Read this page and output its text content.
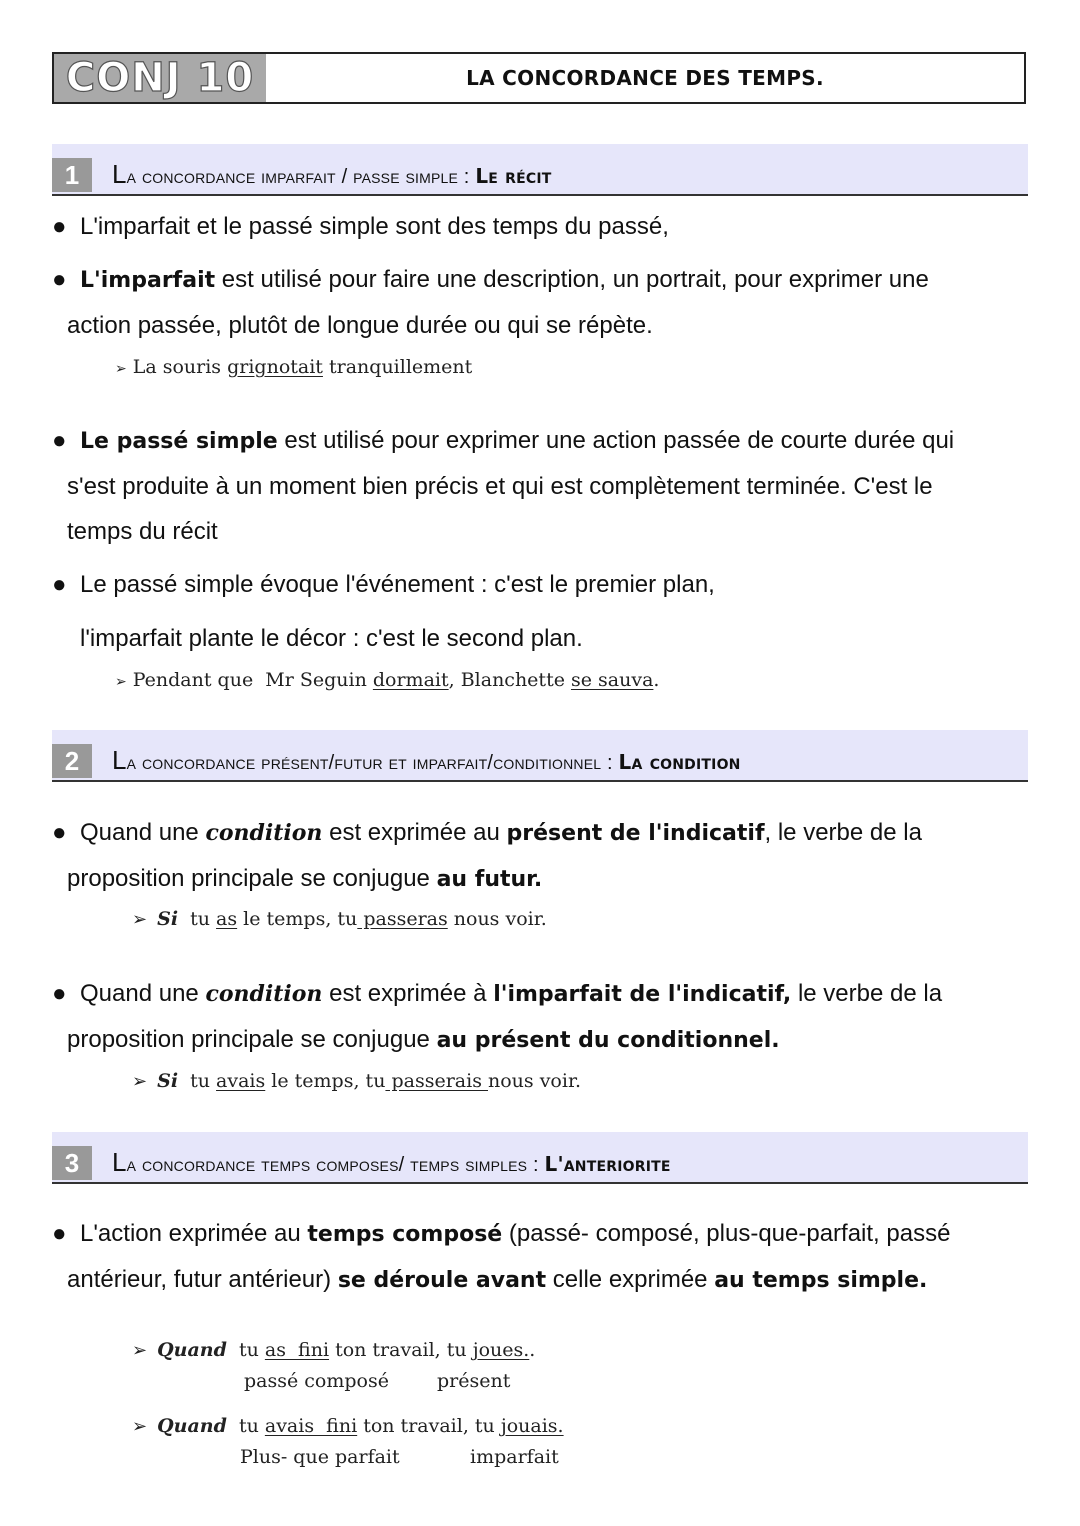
CONJ 10	LA CONCORDANCE DES TEMPS.
1	La concordance imparfait / passe simple : Le récit
● L'imparfait et le passé simple sont des temps du passé,
● L'imparfait est utilisé pour faire une description, un portrait, pour exprimer une
action passée, plutôt de longue durée ou qui se répète.
➢ La souris grignotait tranquillement
● Le passé simple est utilisé pour exprimer une action passée de courte durée qui
s'est produite à un moment bien précis et qui est complètement terminée. C'est le
temps du récit
● Le passé simple évoque l'événement : c'est le premier plan,
l'imparfait plante le décor : c'est le second plan.
➢ Pendant que  Mr Seguin dormait, Blanchette se sauva.
2	La concordance présent/futur et imparfait/conditionnel : La condition
● Quand une condition est exprimée au présent de l'indicatif, le verbe de la
proposition principale se conjugue au futur.
➢ Si  tu as le temps, tu passeras nous voir.
● Quand une condition est exprimée à l'imparfait de l'indicatif, le verbe de la
proposition principale se conjugue au présent du conditionnel.
➢ Si  tu avais le temps, tu passerais nous voir.
3	La concordance temps composes/ temps simples : L'anteriorite
● L'action exprimée au temps composé (passé- composé, plus-que-parfait, passé
antérieur, futur antérieur) se déroule avant celle exprimée au temps simple.
➢ Quand  tu as  fini ton travail, tu joues..
passé composé	présent
➢ Quand  tu avais  fini ton travail, tu jouais.
Plus- que parfait	imparfait
